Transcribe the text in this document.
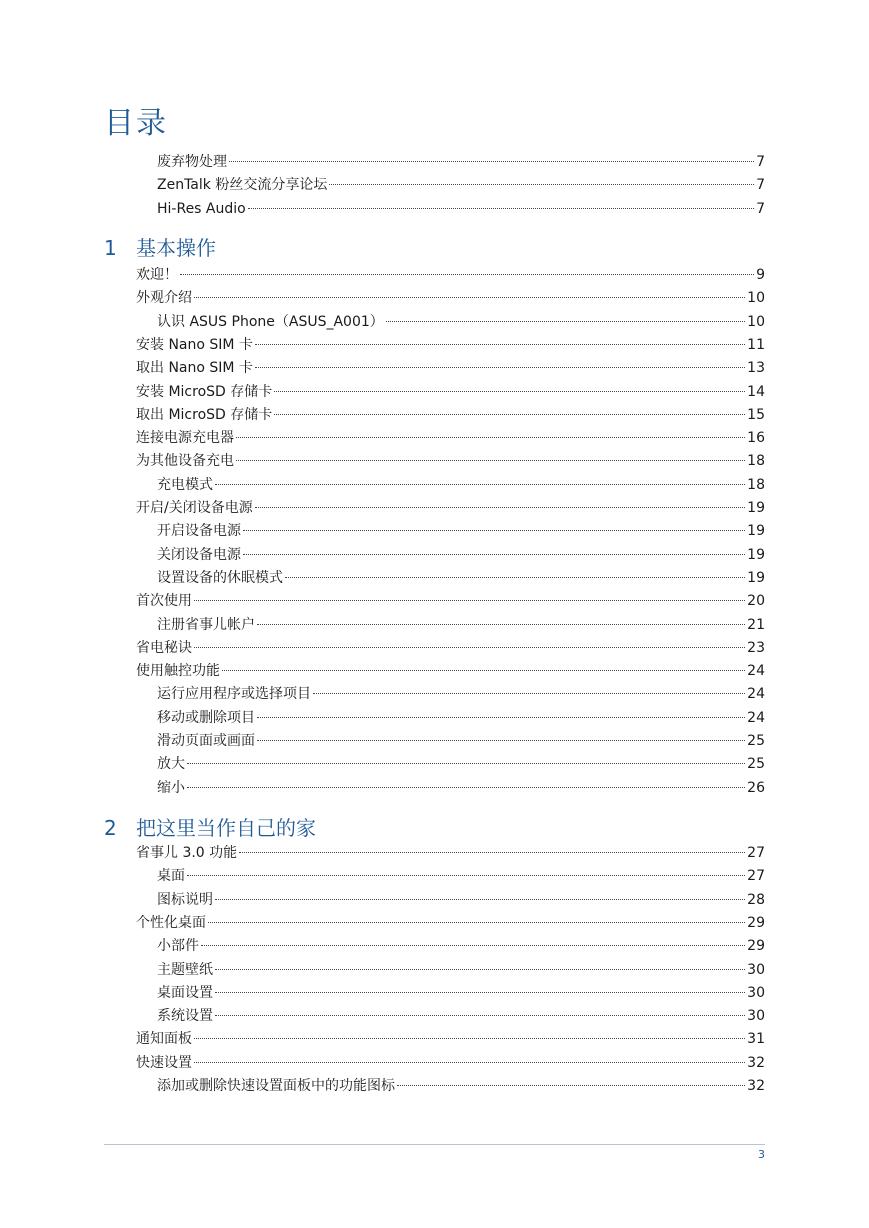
目录
废弃物处理	7
ZenTalk 粉丝交流分享论坛	7
Hi-Res Audio	7
1 基本操作
欢迎！	9
外观介绍	10
认识 ASUS Phone（ASUS_A001）	10
安装 Nano SIM 卡	11
取出 Nano SIM 卡	13
安装 MicroSD 存储卡	14
取出 MicroSD 存储卡	15
连接电源充电器	16
为其他设备充电	18
充电模式	18
开启/关闭设备电源	19
开启设备电源	19
关闭设备电源	19
设置设备的休眠模式	19
首次使用	20
注册省事儿帐户	21
省电秘诀	23
使用触控功能	24
运行应用程序或选择项目	24
移动或删除项目	24
滑动页面或画面	25
放大	25
缩小	26
2 把这里当作自己的家
省事儿 3.0 功能	27
桌面	27
图标说明	28
个性化桌面	29
小部件	29
主题壁纸	30
桌面设置	30
系统设置	30
通知面板	31
快速设置	32
添加或删除快速设置面板中的功能图标	32
3
